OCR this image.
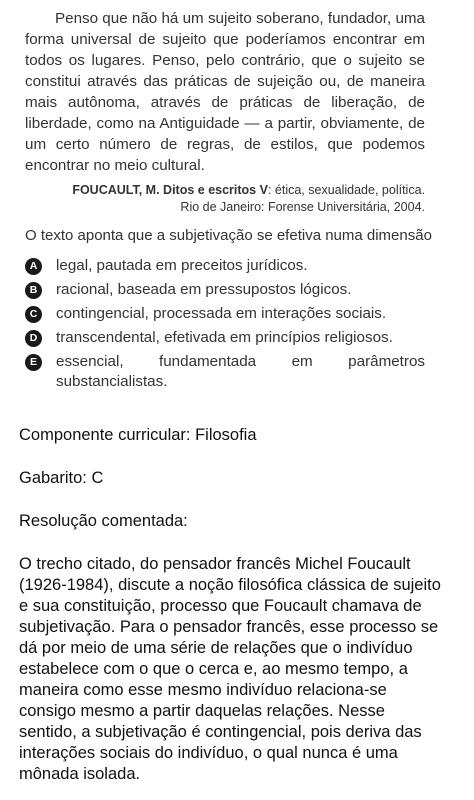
Penso que não há um sujeito soberano, fundador, uma forma universal de sujeito que poderíamos encontrar em todos os lugares. Penso, pelo contrário, que o sujeito se constitui através das práticas de sujeição ou, de maneira mais autônoma, através de práticas de liberação, de liberdade, como na Antiguidade — a partir, obviamente, de um certo número de regras, de estilos, que podemos encontrar no meio cultural.

FOUCAULT, M. Ditos e escritos V: ética, sexualidade, política.
Rio de Janeiro: Forense Universitária, 2004.
O texto aponta que a subjetivação se efetiva numa dimensão
A	legal, pautada em preceitos jurídicos.
B	racional, baseada em pressupostos lógicos.
C	contingencial, processada em interações sociais.
D	transcendental, efetivada em princípios religiosos.
E	essencial, fundamentada em parâmetros substancialistas.

Componente curricular: Filosofia

Gabarito: C

Resolução comentada:

O trecho citado, do pensador francês Michel Foucault (1926-1984), discute a noção filosófica clássica de sujeito e sua constituição, processo que Foucault chamava de subjetivação. Para o pensador francês, esse processo se dá por meio de uma série de relações que o indivíduo estabelece com o que o cerca e, ao mesmo tempo, a maneira como esse mesmo indivíduo relaciona-se consigo mesmo a partir daquelas relações. Nesse sentido, a subjetivação é contingencial, pois deriva das interações sociais do indivíduo, o qual nunca é uma mônada isolada.
